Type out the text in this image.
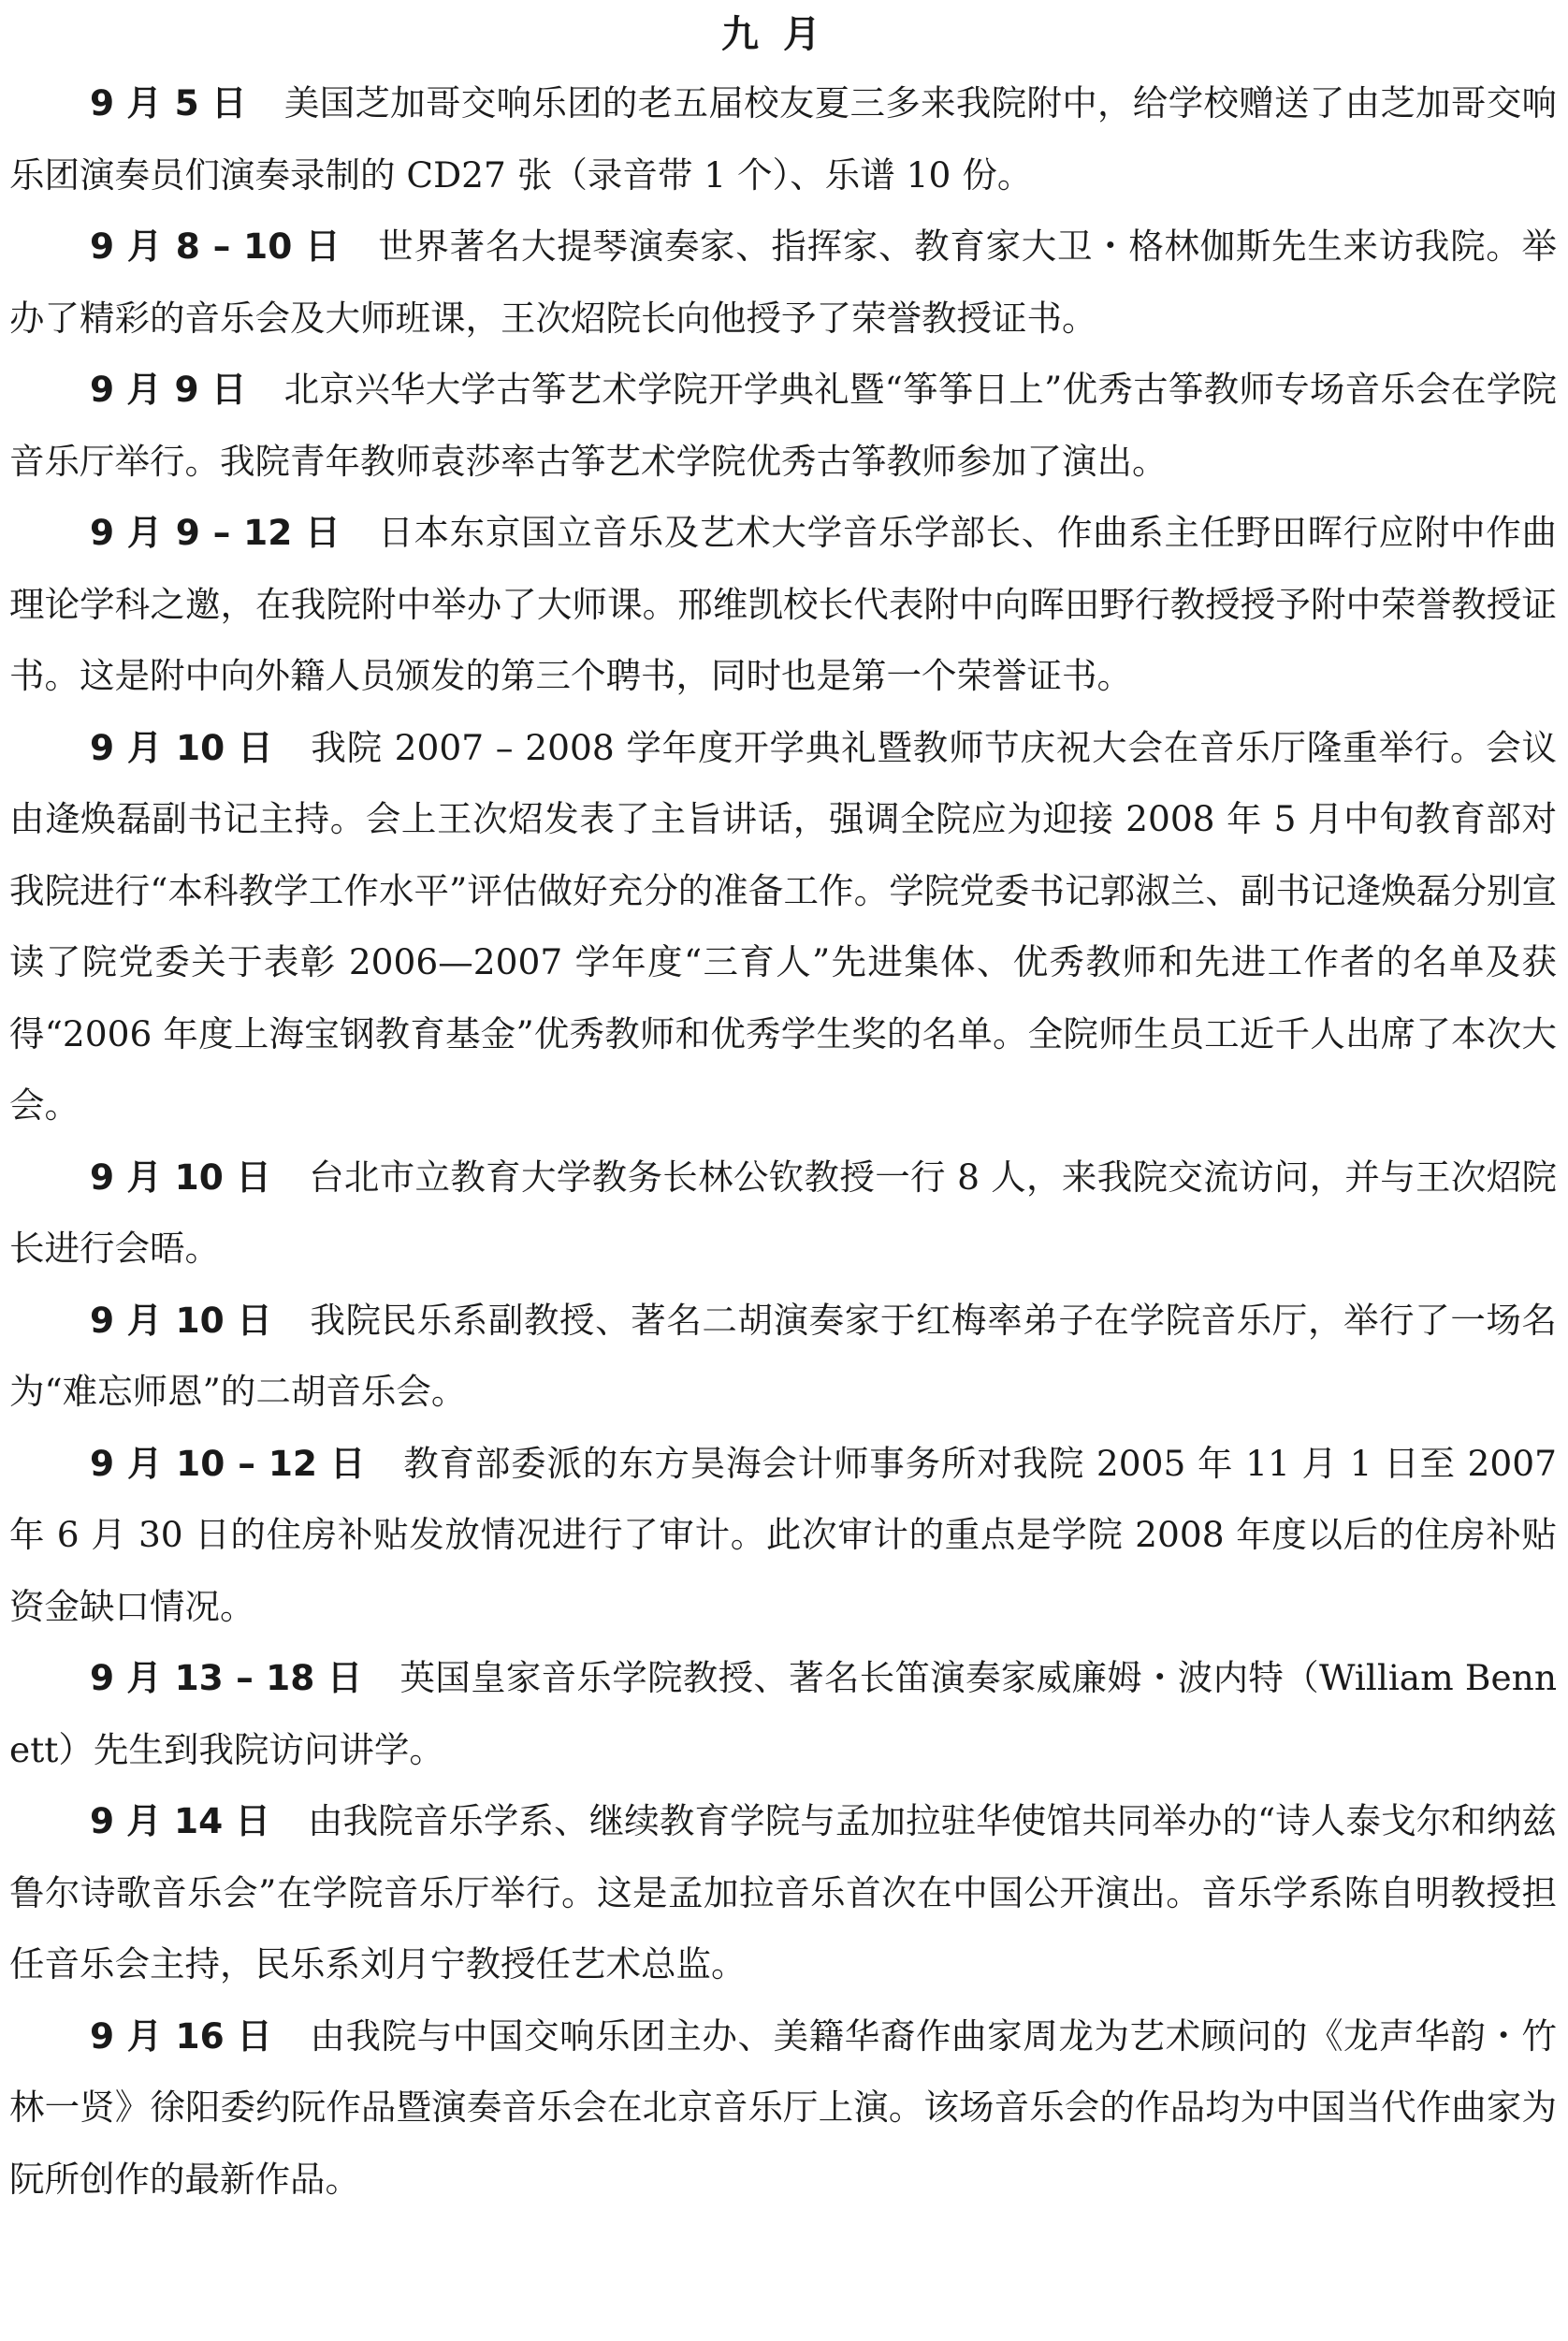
九月

9 月 5 日 美国芝加哥交响乐团的老五届校友夏三多来我院附中，给学校赠送了由芝加哥交响乐团演奏员们演奏录制的 CD27 张（录音带 1 个）、乐谱 10 份。

9 月 8 – 10 日 世界著名大提琴演奏家、指挥家、教育家大卫・格林伽斯先生来访我院。举办了精彩的音乐会及大师班课，王次炤院长向他授予了荣誉教授证书。

9 月 9 日 北京兴华大学古筝艺术学院开学典礼暨“筝筝日上”优秀古筝教师专场音乐会在学院音乐厅举行。我院青年教师袁莎率古筝艺术学院优秀古筝教师参加了演出。

9 月 9 – 12 日 日本东京国立音乐及艺术大学音乐学部长、作曲系主任野田晖行应附中作曲理论学科之邀，在我院附中举办了大师课。邢维凯校长代表附中向晖田野行教授授予附中荣誉教授证书。这是附中向外籍人员颁发的第三个聘书，同时也是第一个荣誉证书。

9 月 10 日 我院 2007 – 2008 学年度开学典礼暨教师节庆祝大会在音乐厅隆重举行。会议由逄焕磊副书记主持。会上王次炤发表了主旨讲话，强调全院应为迎接 2008 年 5 月中旬教育部对我院进行“本科教学工作水平”评估做好充分的准备工作。学院党委书记郭淑兰、副书记逄焕磊分别宣读了院党委关于表彰 2006—2007 学年度“三育人”先进集体、优秀教师和先进工作者的名单及获得“2006 年度上海宝钢教育基金”优秀教师和优秀学生奖的名单。全院师生员工近千人出席了本次大会。

9 月 10 日 台北市立教育大学教务长林公钦教授一行 8 人，来我院交流访问，并与王次炤院长进行会晤。

9 月 10 日 我院民乐系副教授、著名二胡演奏家于红梅率弟子在学院音乐厅，举行了一场名为“难忘师恩”的二胡音乐会。

9 月 10 – 12 日 教育部委派的东方昊海会计师事务所对我院 2005 年 11 月 1 日至 2007 年 6 月 30 日的住房补贴发放情况进行了审计。此次审计的重点是学院 2008 年度以后的住房补贴资金缺口情况。

9 月 13 – 18 日 英国皇家音乐学院教授、著名长笛演奏家威廉姆・波内特（William Bennett）先生到我院访问讲学。

9 月 14 日 由我院音乐学系、继续教育学院与孟加拉驻华使馆共同举办的“诗人泰戈尔和纳兹鲁尔诗歌音乐会”在学院音乐厅举行。这是孟加拉音乐首次在中国公开演出。音乐学系陈自明教授担任音乐会主持，民乐系刘月宁教授任艺术总监。

9 月 16 日 由我院与中国交响乐团主办、美籍华裔作曲家周龙为艺术顾问的《龙声华韵・竹林一贤》徐阳委约阮作品暨演奏音乐会在北京音乐厅上演。该场音乐会的作品均为中国当代作曲家为阮所创作的最新作品。
